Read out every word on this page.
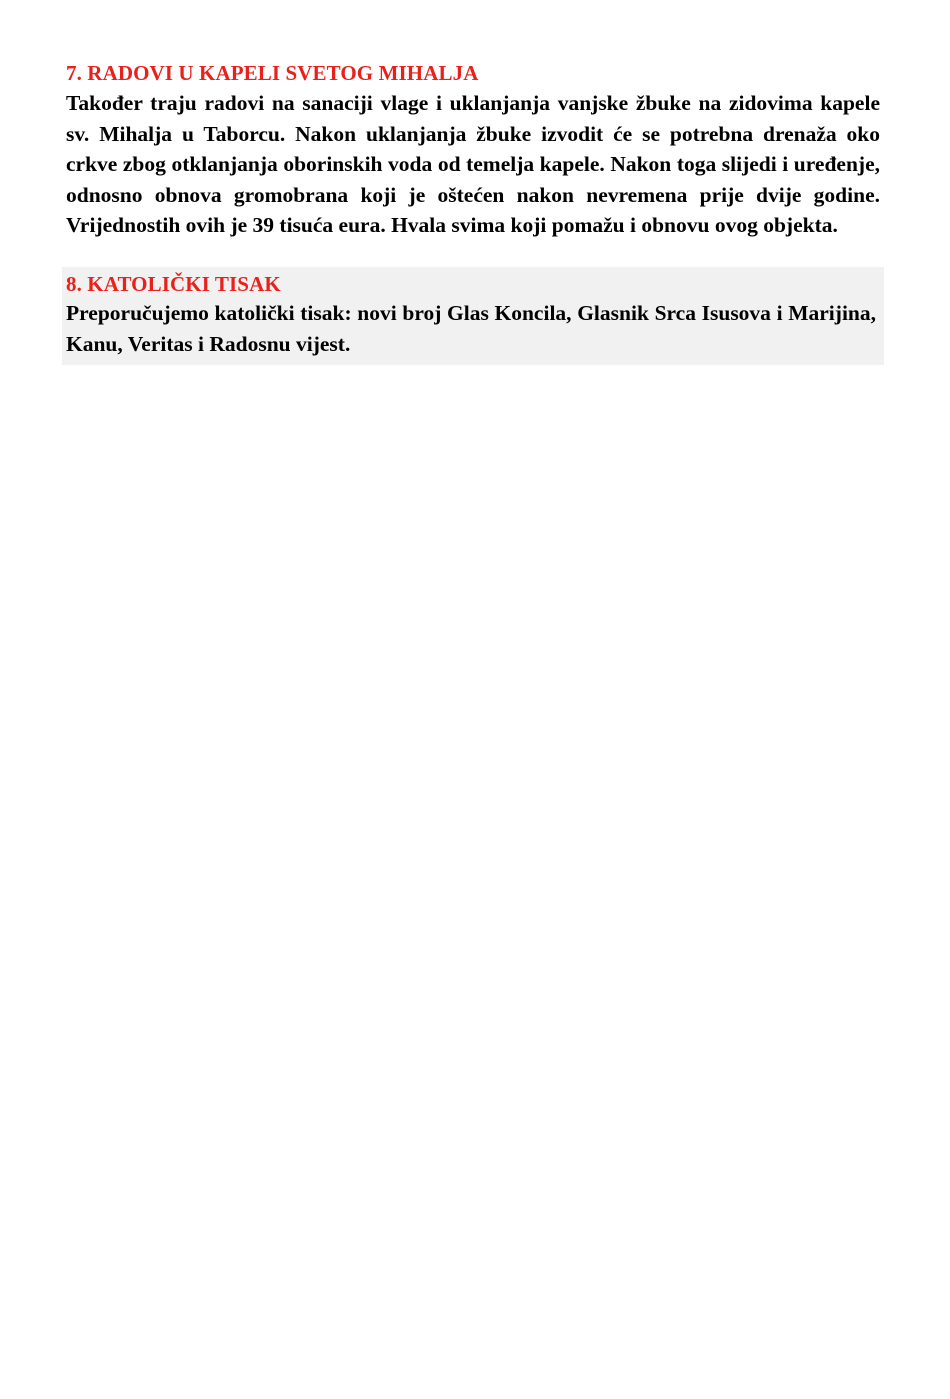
7. RADOVI U KAPELI SVETOG MIHALJA

Također traju radovi na sanaciji vlage i uklanjanja vanjske žbuke na zidovima kapele sv. Mihalja u Taborcu. Nakon uklanjanja žbuke izvodit će se potrebna drenaža oko crkve zbog otklanjanja oborinskih voda od temelja kapele. Nakon toga slijedi i uređenje, odnosno obnova gromobrana koji je oštećen nakon nevremena prije dvije godine. Vrijednostih ovih je 39 tisuća eura. Hvala svima koji pomažu i obnovu ovog objekta.

8. KATOLIČKI TISAK

Preporučujemo katolički tisak: novi broj Glas Koncila, Glasnik Srca Isusova i Marijina, Kanu, Veritas i Radosnu vijest.
